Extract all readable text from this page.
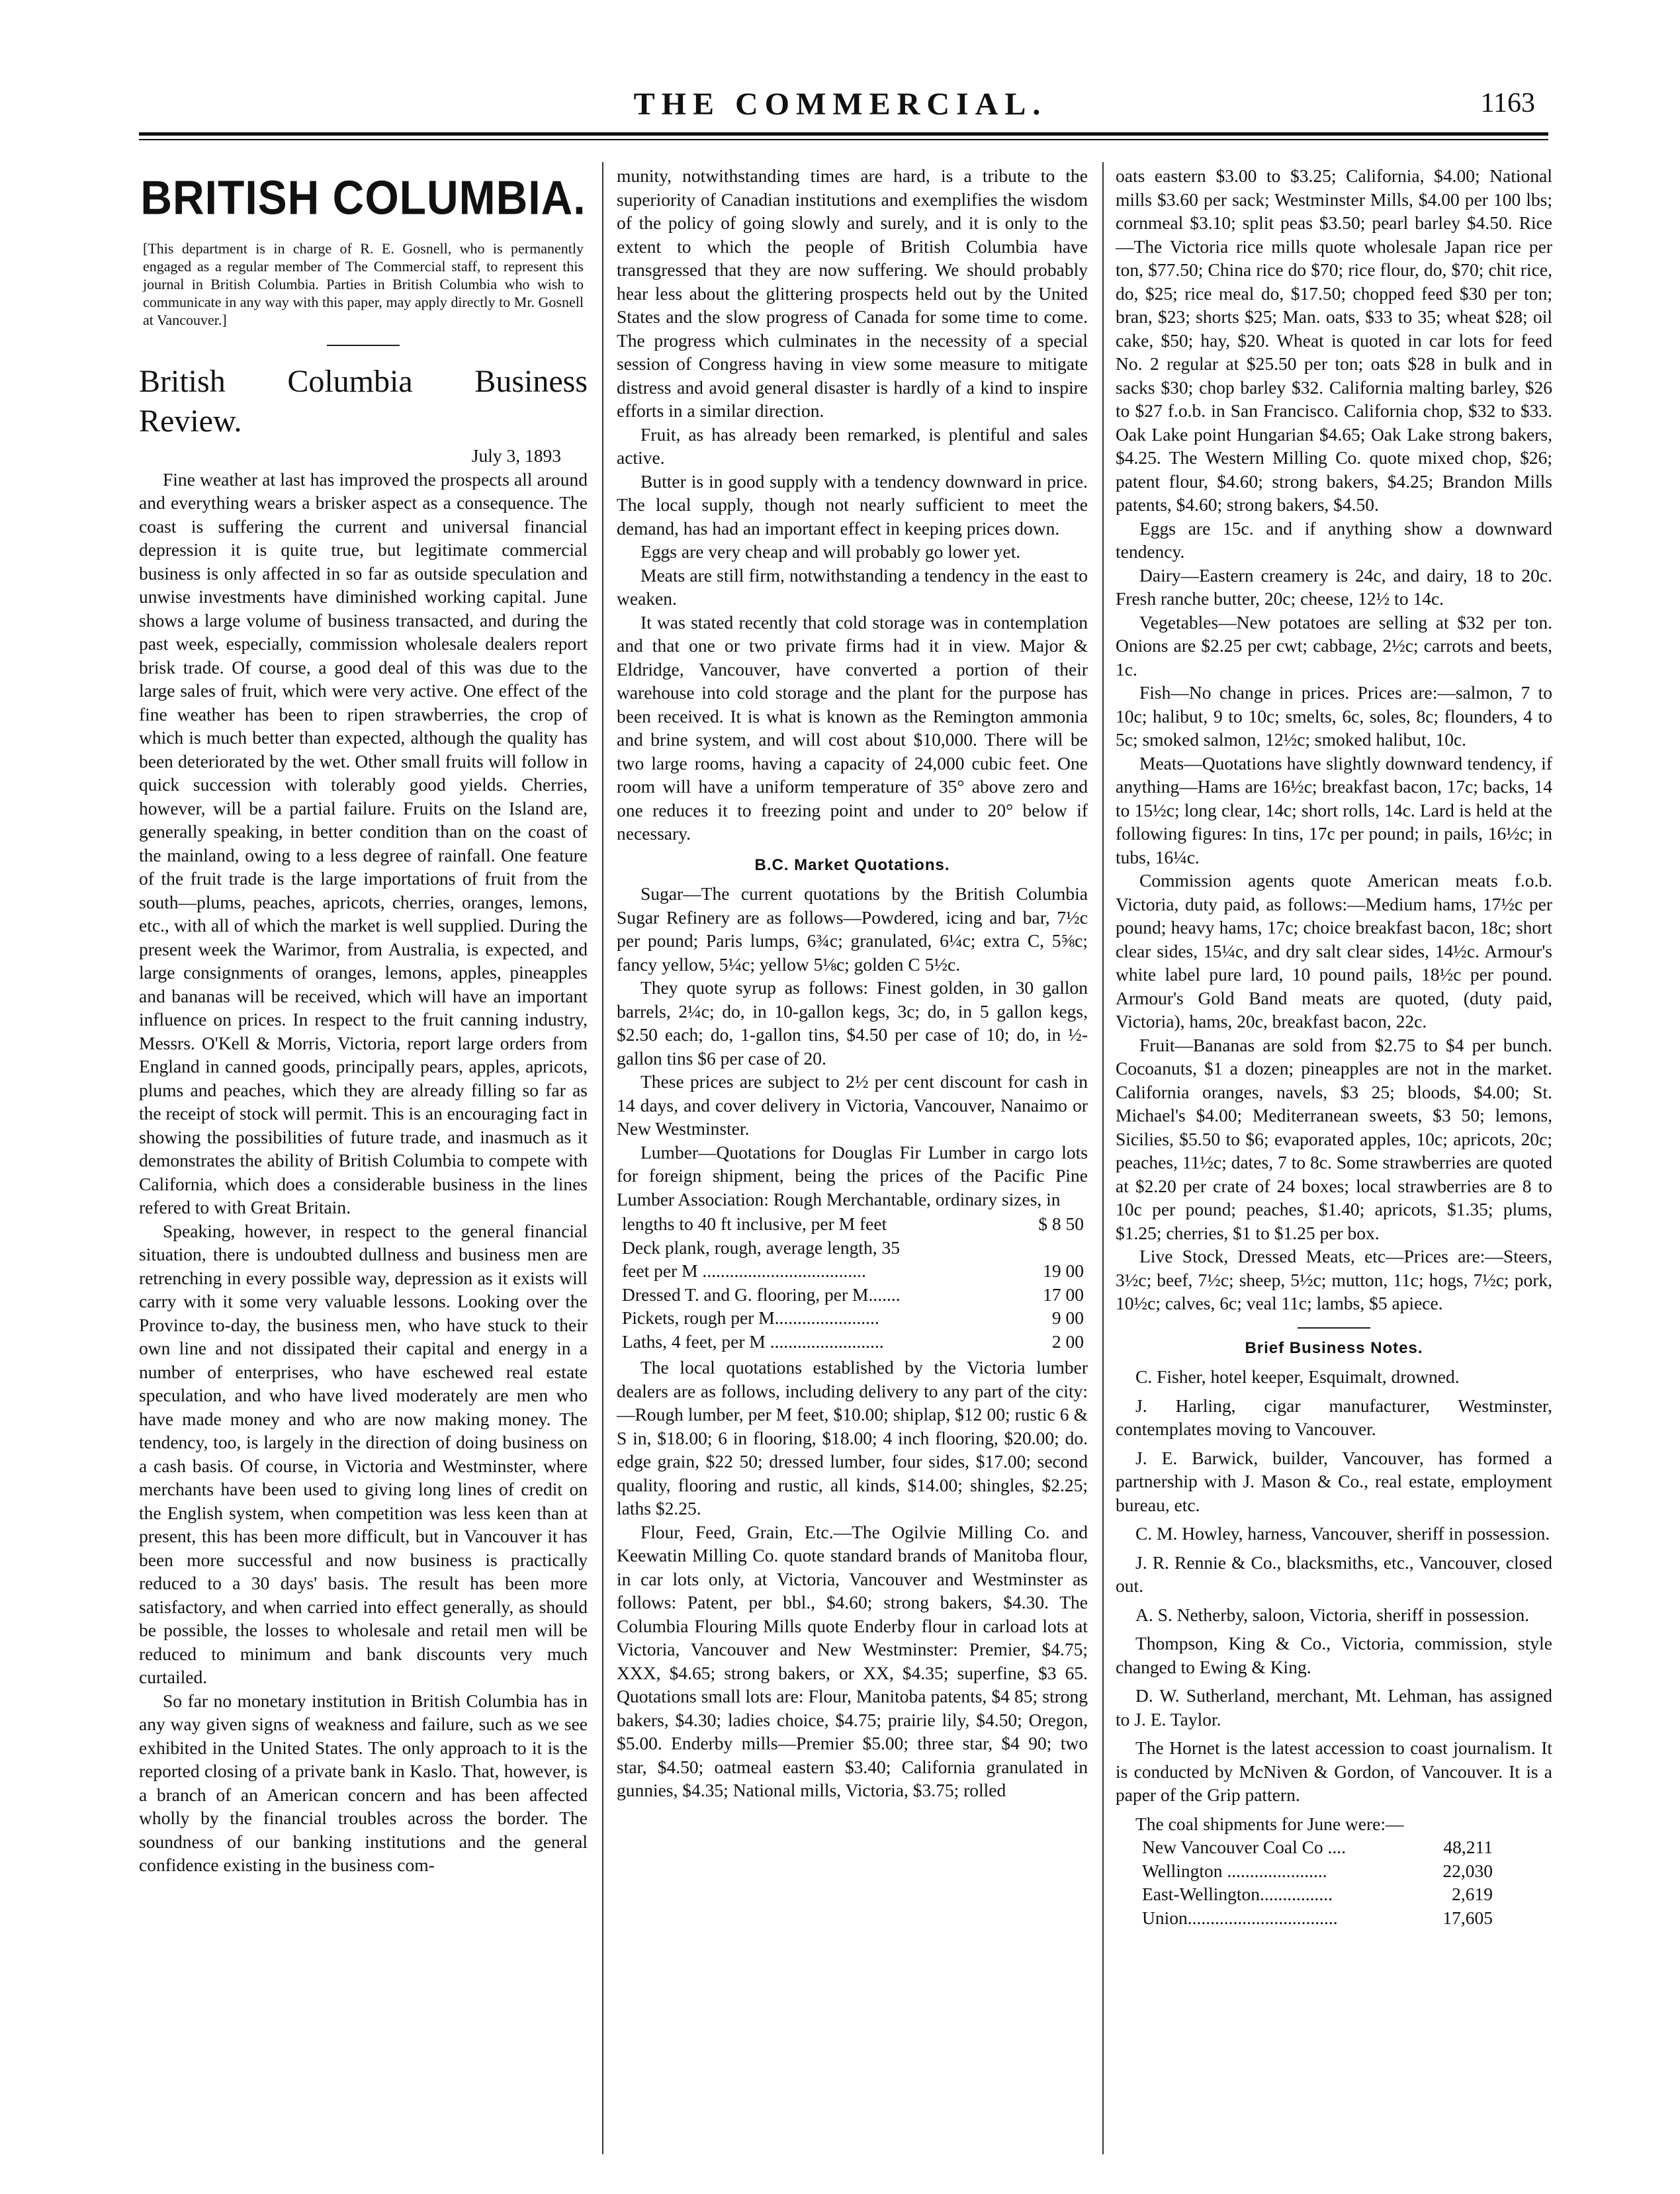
THE COMMERCIAL.	1163
BRITISH COLUMBIA.
[This department is in charge of R. E. Gosnell, who is permanently engaged as a regular member of The Commercial staff, to represent this journal in British Columbia. Parties in British Columbia who wish to communicate in any way with this paper, may apply directly to Mr. Gosnell at Vancouver.]
British Columbia Business Review.
July 3, 1893

Fine weather at last has improved the prospects all around and everything wears a brisker aspect as a consequence. The coast is suffering the current and universal financial depression it is quite true, but legitimate commercial business is only affected in so far as outside speculation and unwise investments have diminished working capital. June shows a large volume of business transacted, and during the past week, especially, commission wholesale dealers report brisk trade. Of course, a good deal of this was due to the large sales of fruit, which were very active. One effect of the fine weather has been to ripen strawberries, the crop of which is much better than expected, although the quality has been deteriorated by the wet. Other small fruits will follow in quick succession with tolerably good yields. Cherries, however, will be a partial failure. Fruits on the Island are, generally speaking, in better condition than on the coast of the mainland, owing to a less degree of rainfall. One feature of the fruit trade is the large importations of fruit from the south—plums, peaches, apricots, cherries, oranges, lemons, etc., with all of which the market is well supplied. During the present week the Warimor, from Australia, is expected, and large consignments of oranges, lemons, apples, pineapples and bananas will be received, which will have an important influence on prices. In respect to the fruit canning industry, Messrs. O'Kell & Morris, Victoria, report large orders from England in canned goods, principally pears, apples, apricots, plums and peaches, which they are already filling so far as the receipt of stock will permit. This is an encouraging fact in showing the possibilities of future trade, and inasmuch as it demonstrates the ability of British Columbia to compete with California, which does a considerable business in the lines refered to with Great Britain.

Speaking, however, in respect to the general financial situation, there is undoubted dullness and business men are retrenching in every possible way, depression as it exists will carry with it some very valuable lessons. Looking over the Province to-day, the business men, who have stuck to their own line and not dissipated their capital and energy in a number of enterprises, who have eschewed real estate speculation, and who have lived moderately are men who have made money and who are now making money. The tendency, too, is largely in the direction of doing business on a cash basis. Of course, in Victoria and Westminster, where merchants have been used to giving long lines of credit on the English system, when competition was less keen than at present, this has been more difficult, but in Vancouver it has been more successful and now business is practically reduced to a 30 days' basis. The result has been more satisfactory, and when carried into effect generally, as should be possible, the losses to wholesale and retail men will be reduced to minimum and bank discounts very much curtailed.

So far no monetary institution in British Columbia has in any way given signs of weakness and failure, such as we see exhibited in the United States. The only approach to it is the reported closing of a private bank in Kaslo. That, however, is a branch of an American concern and has been affected wholly by the financial troubles across the border. The soundness of our banking institutions and the general confidence existing in the business com-

munity, notwithstanding times are hard, is a tribute to the superiority of Canadian institutions and exemplifies the wisdom of the policy of going slowly and surely, and it is only to the extent to which the people of British Columbia have transgressed that they are now suffering. We should probably hear less about the glittering prospects held out by the United States and the slow progress of Canada for some time to come. The progress which culminates in the necessity of a special session of Congress having in view some measure to mitigate distress and avoid general disaster is hardly of a kind to inspire efforts in a similar direction.

Fruit, as has already been remarked, is plentiful and sales active.

Butter is in good supply with a tendency downward in price. The local supply, though not nearly sufficient to meet the demand, has had an important effect in keeping prices down.

Eggs are very cheap and will probably go lower yet.

Meats are still firm, notwithstanding a tendency in the east to weaken.

It was stated recently that cold storage was in contemplation and that one or two private firms had it in view. Major & Eldridge, Vancouver, have converted a portion of their warehouse into cold storage and the plant for the purpose has been received. It is what is known as the Remington ammonia and brine system, and will cost about $10,000. There will be two large rooms, having a capacity of 24,000 cubic feet. One room will have a uniform temperature of 35° above zero and one reduces it to freezing point and under to 20° below if necessary.

B.C. Market Quotations.

Sugar—The current quotations by the British Columbia Sugar Refinery are as follows—Powdered, icing and bar, 7½c per pound; Paris lumps, 6¾c; granulated, 6¼c; extra C, 5⅝c; fancy yellow, 5¼c; yellow 5⅛c; golden C 5½c.

They quote syrup as follows: Finest golden, in 30 gallon barrels, 2¼c; do, in 10-gallon kegs, 3c; do, in 5 gallon kegs, $2.50 each; do, 1-gallon tins, $4.50 per case of 10; do, in ½-gallon tins $6 per case of 20.

These prices are subject to 2½ per cent discount for cash in 14 days, and cover delivery in Victoria, Vancouver, Nanaimo or New Westminster.

Lumber—Quotations for Douglas Fir Lumber in cargo lots for foreign shipment, being the prices of the Pacific Pine Lumber Association: Rough Merchantable, ordinary sizes, in

lengths to 40 ft inclusive, per M feet	$ 8 50
Deck plank, rough, average length, 35
feet per M ....................................	19 00
Dressed T. and G. flooring, per M.......	17 00
Pickets, rough per M.......................	9 00
Laths, 4 feet, per M .........................	2 00

The local quotations established by the Victoria lumber dealers are as follows, including delivery to any part of the city:—Rough lumber, per M feet, $10.00; shiplap, $12 00; rustic 6 & S in, $18.00; 6 in flooring, $18.00; 4 inch flooring, $20.00; do. edge grain, $22 50; dressed lumber, four sides, $17.00; second quality, flooring and rustic, all kinds, $14.00; shingles, $2.25; laths $2.25.

Flour, Feed, Grain, Etc.—The Ogilvie Milling Co. and Keewatin Milling Co. quote standard brands of Manitoba flour, in car lots only, at Victoria, Vancouver and Westminster as follows: Patent, per bbl., $4.60; strong bakers, $4.30. The Columbia Flouring Mills quote Enderby flour in carload lots at Victoria, Vancouver and New Westminster: Premier, $4.75; XXX, $4.65; strong bakers, or XX, $4.35; superfine, $3 65. Quotations small lots are: Flour, Manitoba patents, $4 85; strong bakers, $4.30; ladies choice, $4.75; prairie lily, $4.50; Oregon, $5.00. Enderby mills—Premier $5.00; three star, $4 90; two star, $4.50; oatmeal eastern $3.40; California granulated in gunnies, $4.35; National mills, Victoria, $3.75; rolled

oats eastern $3.00 to $3.25; California, $4.00; National mills $3.60 per sack; Westminster Mills, $4.00 per 100 lbs; cornmeal $3.10; split peas $3.50; pearl barley $4.50. Rice—The Victoria rice mills quote wholesale Japan rice per ton, $77.50; China rice do $70; rice flour, do, $70; chit rice, do, $25; rice meal do, $17.50; chopped feed $30 per ton; bran, $23; shorts $25; Man. oats, $33 to 35; wheat $28; oil cake, $50; hay, $20. Wheat is quoted in car lots for feed No. 2 regular at $25.50 per ton; oats $28 in bulk and in sacks $30; chop barley $32. California malting barley, $26 to $27 f.o.b. in San Francisco. California chop, $32 to $33. Oak Lake point Hungarian $4.65; Oak Lake strong bakers, $4.25. The Western Milling Co. quote mixed chop, $26; patent flour, $4.60; strong bakers, $4.25; Brandon Mills patents, $4.60; strong bakers, $4.50.

Eggs are 15c. and if anything show a downward tendency.

Dairy—Eastern creamery is 24c, and dairy, 18 to 20c. Fresh ranche butter, 20c; cheese, 12½ to 14c.

Vegetables—New potatoes are selling at $32 per ton. Onions are $2.25 per cwt; cabbage, 2½c; carrots and beets, 1c.

Fish—No change in prices. Prices are:—salmon, 7 to 10c; halibut, 9 to 10c; smelts, 6c, soles, 8c; flounders, 4 to 5c; smoked salmon, 12½c; smoked halibut, 10c.

Meats—Quotations have slightly downward tendency, if anything—Hams are 16½c; breakfast bacon, 17c; backs, 14 to 15½c; long clear, 14c; short rolls, 14c. Lard is held at the following figures: In tins, 17c per pound; in pails, 16½c; in tubs, 16¼c.

Commission agents quote American meats f.o.b. Victoria, duty paid, as follows:—Medium hams, 17½c per pound; heavy hams, 17c; choice breakfast bacon, 18c; short clear sides, 15¼c, and dry salt clear sides, 14½c. Armour's white label pure lard, 10 pound pails, 18½c per pound. Armour's Gold Band meats are quoted, (duty paid, Victoria), hams, 20c, breakfast bacon, 22c.

Fruit—Bananas are sold from $2.75 to $4 per bunch. Cocoanuts, $1 a dozen; pineapples are not in the market. California oranges, navels, $3 25; bloods, $4.00; St. Michael's $4.00; Mediterranean sweets, $3 50; lemons, Sicilies, $5.50 to $6; evaporated apples, 10c; apricots, 20c; peaches, 11½c; dates, 7 to 8c. Some strawberries are quoted at $2.20 per crate of 24 boxes; local strawberries are 8 to 10c per pound; peaches, $1.40; apricots, $1.35; plums, $1.25; cherries, $1 to $1.25 per box.

Live Stock, Dressed Meats, etc—Prices are:—Steers, 3½c; beef, 7½c; sheep, 5½c; mutton, 11c; hogs, 7½c; pork, 10½c; calves, 6c; veal 11c; lambs, $5 apiece.

Brief Business Notes.

C. Fisher, hotel keeper, Esquimalt, drowned.

J. Harling, cigar manufacturer, Westminster, contemplates moving to Vancouver.

J. E. Barwick, builder, Vancouver, has formed a partnership with J. Mason & Co., real estate, employment bureau, etc.

C. M. Howley, harness, Vancouver, sheriff in possession.

J. R. Rennie & Co., blacksmiths, etc., Vancouver, closed out.

A. S. Netherby, saloon, Victoria, sheriff in possession.

Thompson, King & Co., Victoria, commission, style changed to Ewing & King.

D. W. Sutherland, merchant, Mt. Lehman, has assigned to J. E. Taylor.

The Hornet is the latest accession to coast journalism. It is conducted by McNiven & Gordon, of Vancouver. It is a paper of the Grip pattern.

The coal shipments for June were:—
New Vancouver Coal Co ....	48,211
Wellington ......................	22,030
East-Wellington................	2,619
Union.................................	17,605
